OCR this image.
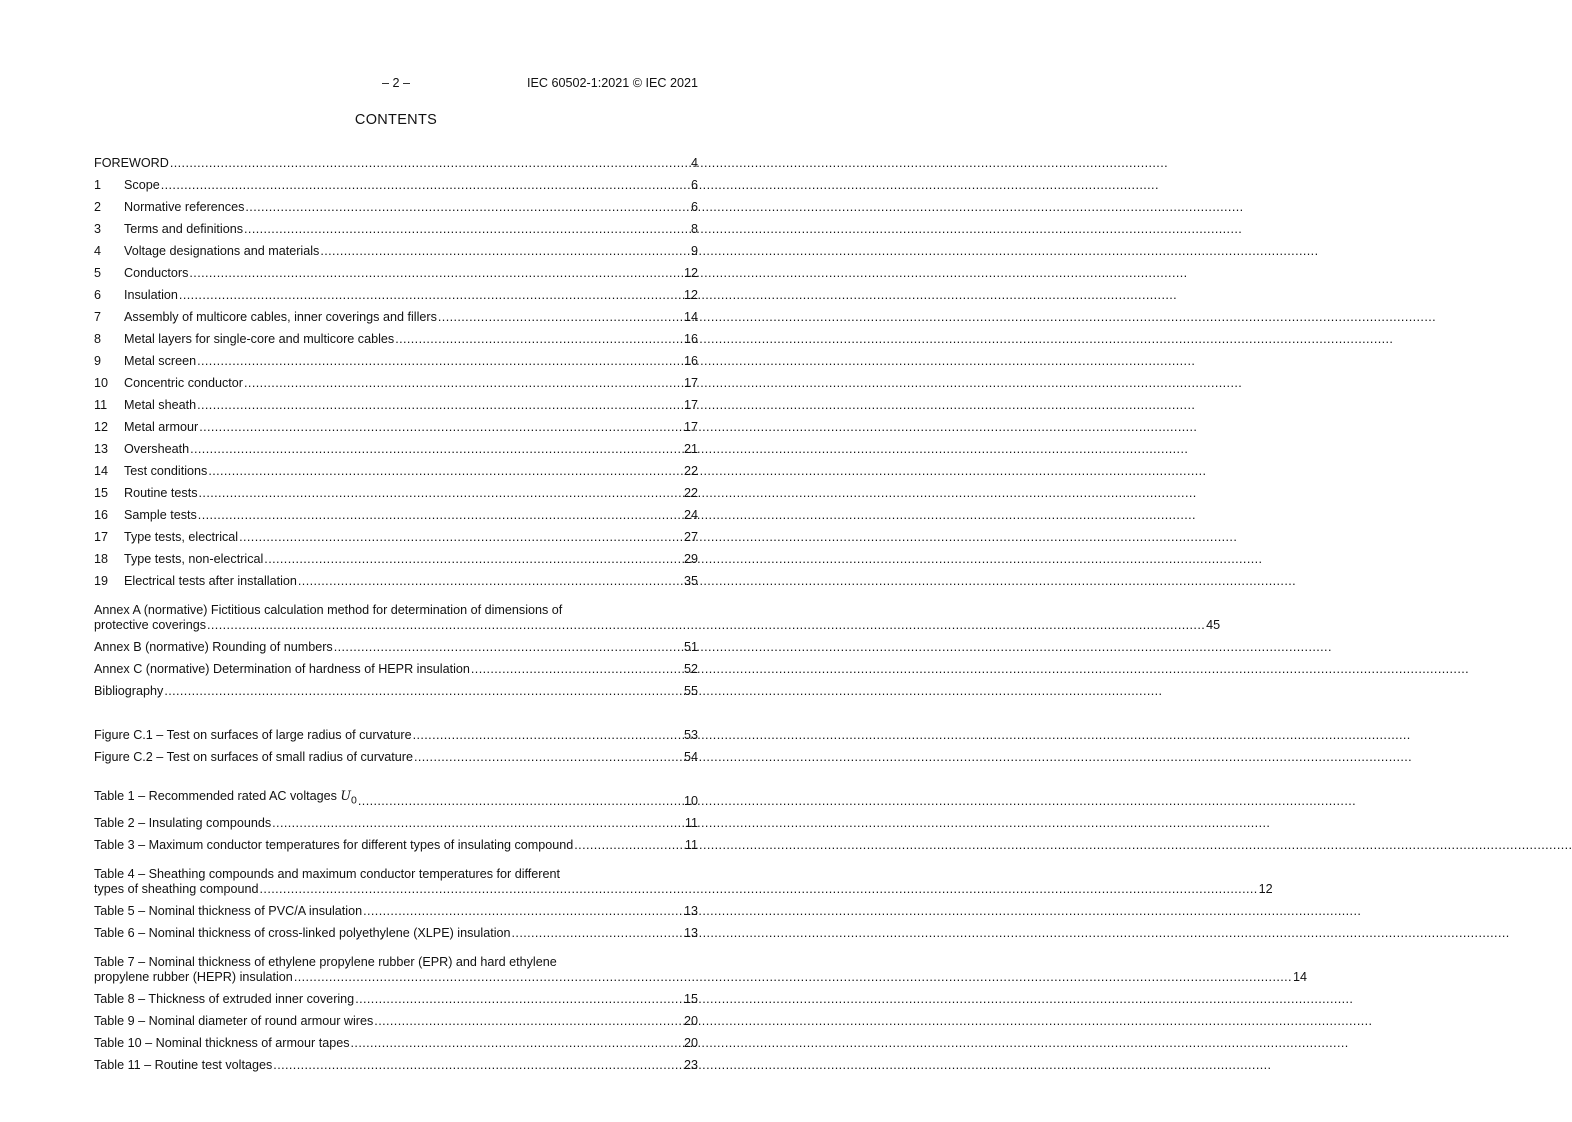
– 2 –	IEC 60502-1:2021 © IEC 2021
CONTENTS
FOREWORD .....	4
1	Scope .....	6
2	Normative references .....	6
3	Terms and definitions .....	8
4	Voltage designations and materials .....	9
5	Conductors .....	12
6	Insulation .....	12
7	Assembly of multicore cables, inner coverings and fillers .....	14
8	Metal layers for single-core and multicore cables .....	16
9	Metal screen .....	16
10	Concentric conductor .....	17
11	Metal sheath .....	17
12	Metal armour .....	17
13	Oversheath .....	21
14	Test conditions .....	22
15	Routine tests .....	22
16	Sample tests .....	24
17	Type tests, electrical .....	27
18	Type tests, non-electrical .....	29
19	Electrical tests after installation .....	35
Annex A (normative) Fictitious calculation method for determination of dimensions of
protective coverings .....	45
Annex B (normative) Rounding of numbers .....	51
Annex C (normative) Determination of hardness of HEPR insulation .....	52
Bibliography .....	55
Figure C.1 – Test on surfaces of large radius of curvature .....	53
Figure C.2 – Test on surfaces of small radius of curvature .....	54
Table 1 – Recommended rated AC voltages $U_0$ .....	10
Table 2 – Insulating compounds .....	11
Table 3 – Maximum conductor temperatures for different types of insulating compound .....	11
Table 4 – Sheathing compounds and maximum conductor temperatures for different
types of sheathing compound .....	12
Table 5 – Nominal thickness of PVC/A insulation .....	13
Table 6 – Nominal thickness of cross-linked polyethylene (XLPE) insulation .....	13
Table 7 – Nominal thickness of ethylene propylene rubber (EPR) and hard ethylene
propylene rubber (HEPR) insulation .....	14
Table 8 – Thickness of extruded inner covering .....	15
Table 9 – Nominal diameter of round armour wires .....	20
Table 10 – Nominal thickness of armour tapes .....	20
Table 11 – Routine test voltages .....	23
